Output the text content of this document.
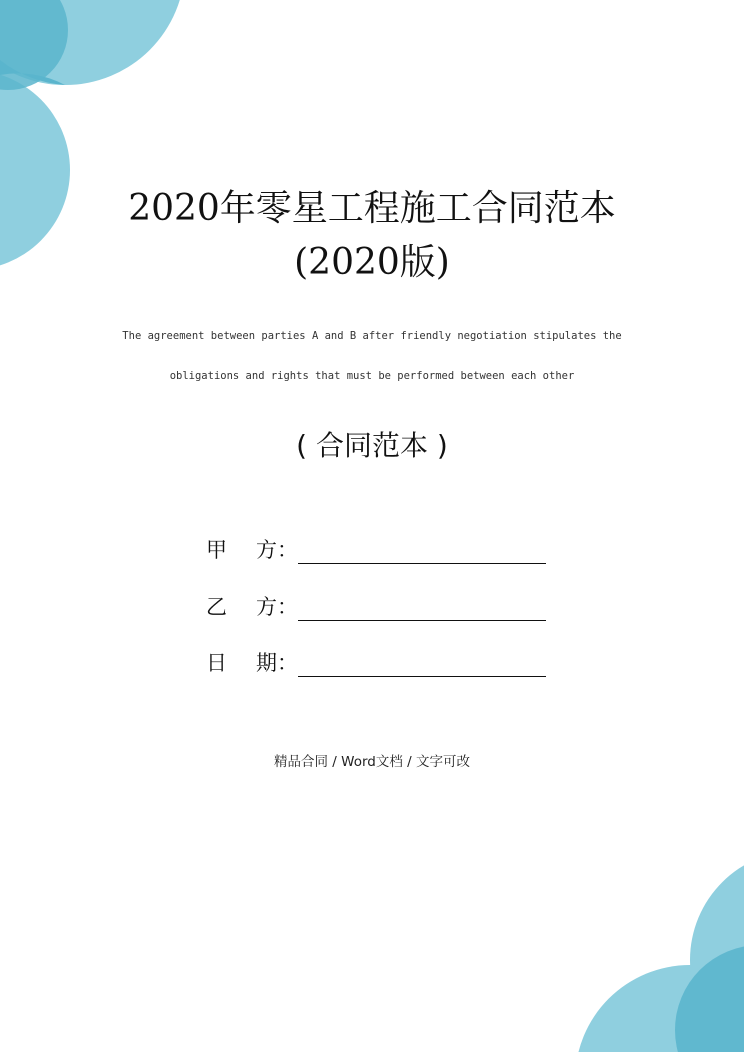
2020年零星工程施工合同范本
(2020版)
The agreement between parties A and B after friendly negotiation stipulates the
obligations and rights that must be performed between each other
( 合同范本 )
甲 方：
乙 方：
日 期：
精品合同 / Word文档 / 文字可改
